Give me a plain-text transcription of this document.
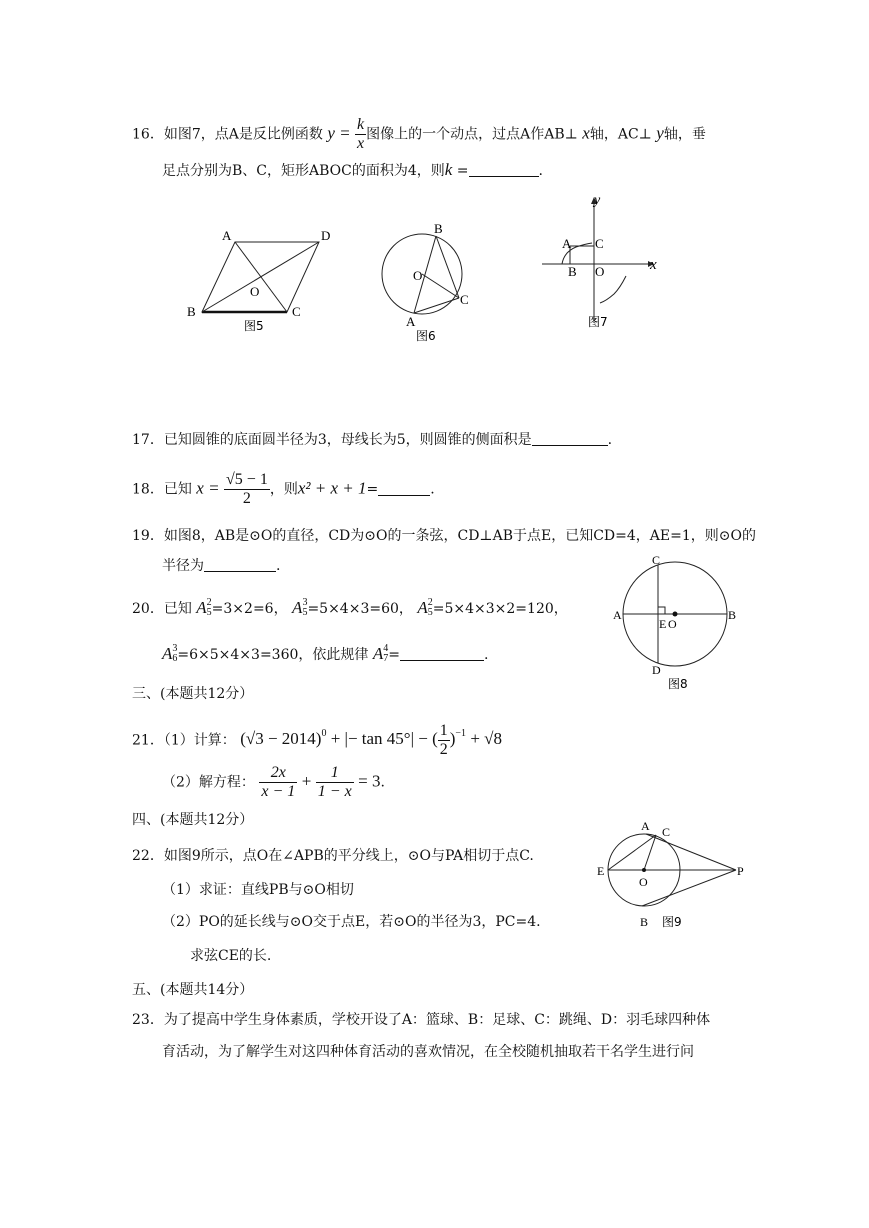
16．如图7，点A是反比例函数 $y = \frac{k}{x}$ 图像上的一个动点，过点A作AB⊥ x轴，AC⊥ y轴，垂
足点分别为B、C，矩形ABOC的面积为4，则k =	.
A	D
B	C
O
图5
B
C
A
O
图6
y
x
A C
B O
图7
17．已知圆锥的底面圆半径为3，母线长为5，则圆锥的侧面积是	.
18．已知 $x = \frac{√5 - 1}{2}$ ，则x² + x + 1=	.
19．如图8，AB是⊙O的直径，CD为⊙O的一条弦，CD⊥AB于点E，已知CD=4，AE=1，则⊙O的
半径为	.
20．已知 A 2
5 =3×2=6， A 3
5 =5×4×3=60， A 2
5 =5×4×3×2=120，
A 3
6 =6×5×4×3=360，依此规律 A 4
7 =	.
C
D
A	B
E O
图8
三、(本题共12分）
21．（1）计算： $(√3 - 2014)^0$ + |− tan 45°| − ( $\frac{1}{2} )^{-1} + √8$
（2）解方程： $\frac{2x}{x - 1} + \frac{1}{1 - x} = 3$.
四、(本题共12分）
22．如图9所示，点O在∠APB的平分线上，⊙O与PA相切于点C.
（1）求证：直线PB与⊙O相切
（2）PO的延长线与⊙O交于点E，若⊙O的半径为3，PC=4.
求弦CE的长.
A C
E
O
P
B 图9
五、(本题共14分）
23．为了提高中学生身体素质，学校开设了A：篮球、B：足球、C：跳绳、D：羽毛球四种体
育活动，为了解学生对这四种体育活动的喜欢情况，在全校随机抽取若干名学生进行问
